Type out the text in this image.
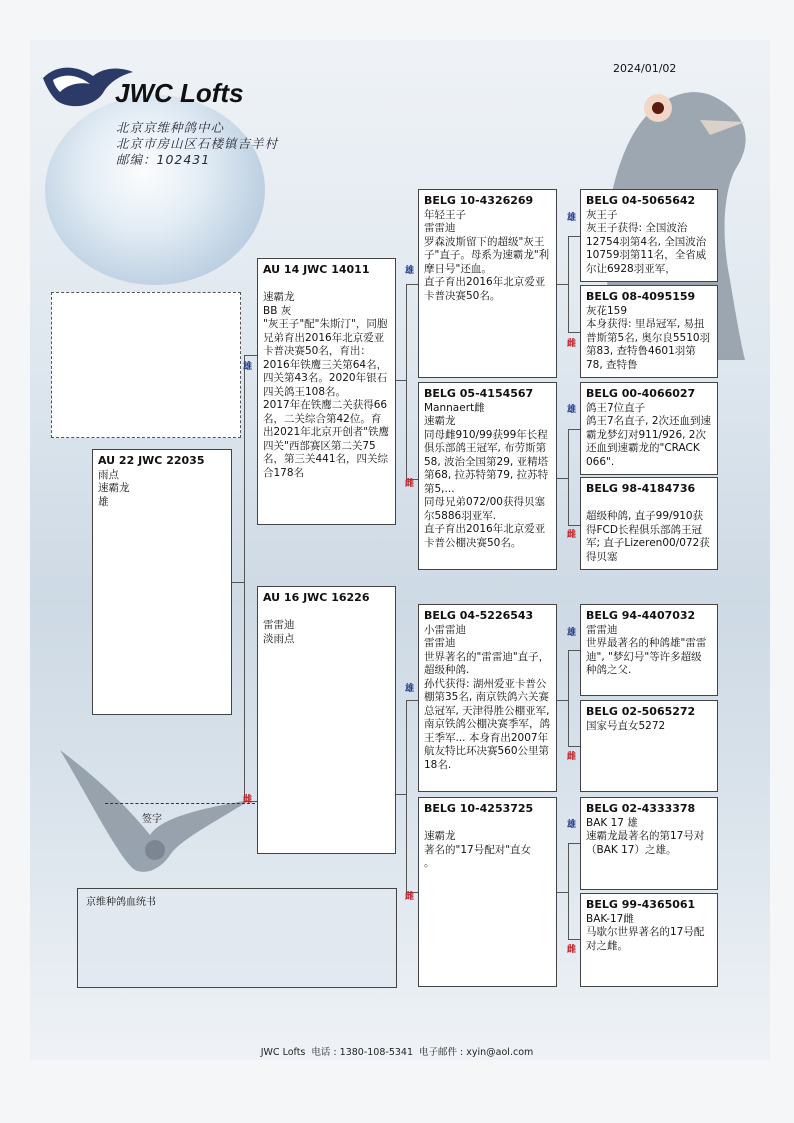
JWC Lofts
2024/01/02
北京京维种鸽中心
北京市房山区石楼镇吉羊村
邮编：102431
雄
雌
雄
雌
雄
雌
雄
雌
雄
雌
雄
雌
雄
雌
AU 22 JWC 22035
雨点
速霸龙
雄
AU 14 JWC 14011

速霸龙
BB 灰
"灰王子"配"朱斯汀"，同胞兄弟育出2016年北京爱亚卡普决赛50名，育出：2016年铁鹰三关第64名，四关第43名。2020年银石四关鸽王108名。
2017年在铁鹰二关获得66名，二关综合第42位。育出2021年北京开创者"铁鹰四关"西部赛区第二关75名，第三关441名，四关综合178名
AU 16 JWC 16226

雷雷迪
淡雨点
BELG 10-4326269
年轻王子
雷雷迪
罗森波斯留下的超级"灰王子"直子。母系为速霸龙"利摩日号"还血。
直子育出2016年北京爱亚卡普决赛50名。
BELG 05-4154567
Mannaert雌
速霸龙
同母雌910/99获99年长程俱乐部鸽王冠军, 布劳斯第58, 波治全国第29, 亚精塔第68, 拉苏特第79, 拉苏特第5,...
同母兄弟072/00获得贝塞尔5886羽亚军.
直子育出2016年北京爱亚卡普公棚决赛50名。
BELG 04-5226543
小雷雷迪
雷雷迪
世界著名的"雷雷迪"直子，超级种鸽.
孙代获得: 湖州爱亚卡普公棚第35名, 南京铁鸽六关赛总冠军, 天津得胜公棚亚军, 南京铁鸽公棚决赛季军，鸽王季军... 本身育出2007年航友特比环决赛560公里第18名.
BELG 10-4253725

速霸龙
著名的"17号配对"直女
。
BELG 04-5065642
灰王子
灰王子获得: 全国波治12754羽第4名, 全国波治10759羽第11名，全省威尔让6928羽亚军，
BELG 08-4095159
灰花159
本身获得: 里昂冠军, 易扭普斯第5名, 奥尔良5510羽第83, 查特鲁4601羽第78, 查特鲁
BELG 00-4066027
鸽王7位直子
鸽王7名直子, 2次还血到速霸龙梦幻对911/926, 2次还血到速霸龙的"CRACK 066".
BELG 98-4184736

超级种鸽, 直子99/910获得FCD长程俱乐部鸽王冠军; 直子Lizeren00/072获得贝塞
BELG 94-4407032
雷雷迪
世界最著名的种鸽雄"雷雷迪", "梦幻号"等许多超级种鸽之父.
BELG 02-5065272
国家号直女5272
BELG 02-4333378
BAK 17 雄
速霸龙最著名的第17号对（BAK 17）之雄。
BELG 99-4365061
BAK-17雌
马歇尔世界著名的17号配对之雌。
签字
京维种鸽血统书
JWC Lofts  电话 : 1380-108-5341  电子邮件 : xyin@aol.com
